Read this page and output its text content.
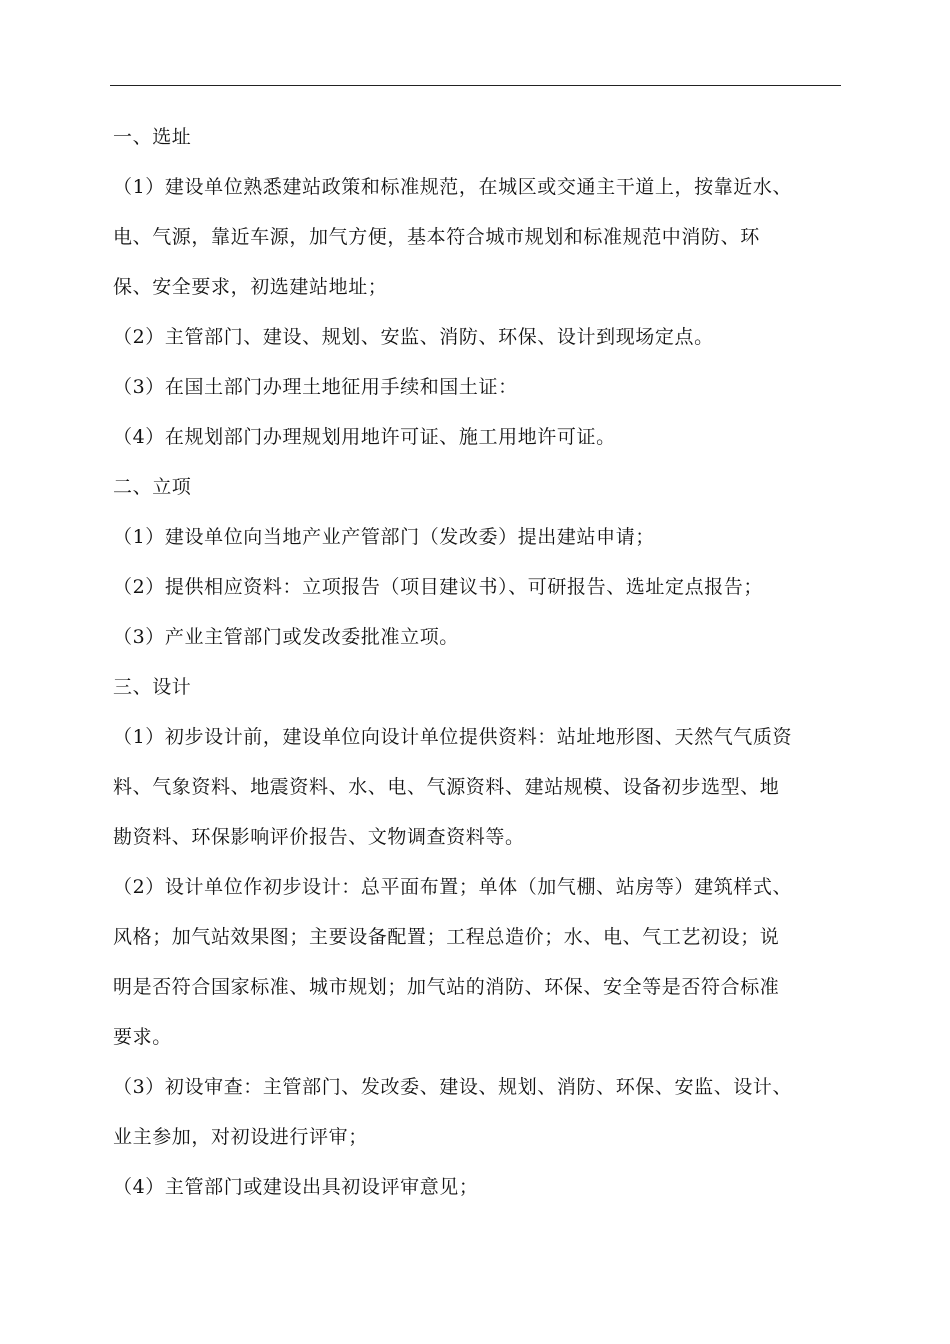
一、选址

（1）建设单位熟悉建站政策和标准规范，在城区或交通主干道上，按靠近水、
电、气源，靠近车源，加气方便，基本符合城市规划和标准规范中消防、环
保、安全要求，初选建站地址；

（2）主管部门、建设、规划、安监、消防、环保、设计到现场定点。

（3）在国土部门办理土地征用手续和国土证：

（4）在规划部门办理规划用地许可证、施工用地许可证。

二、立项

（1）建设单位向当地产业产管部门（发改委）提出建站申请；

（2）提供相应资料：立项报告（项目建议书）、可研报告、选址定点报告；

（3）产业主管部门或发改委批准立项。

三、设计

（1）初步设计前，建设单位向设计单位提供资料：站址地形图、天然气气质资
料、气象资料、地震资料、水、电、气源资料、建站规模、设备初步选型、地
勘资料、环保影响评价报告、文物调查资料等。

（2）设计单位作初步设计：总平面布置；单体（加气棚、站房等）建筑样式、
风格；加气站效果图；主要设备配置；工程总造价；水、电、气工艺初设；说
明是否符合国家标准、城市规划；加气站的消防、环保、安全等是否符合标准
要求。

（3）初设审查：主管部门、发改委、建设、规划、消防、环保、安监、设计、
业主参加，对初设进行评审；

（4）主管部门或建设出具初设评审意见；
